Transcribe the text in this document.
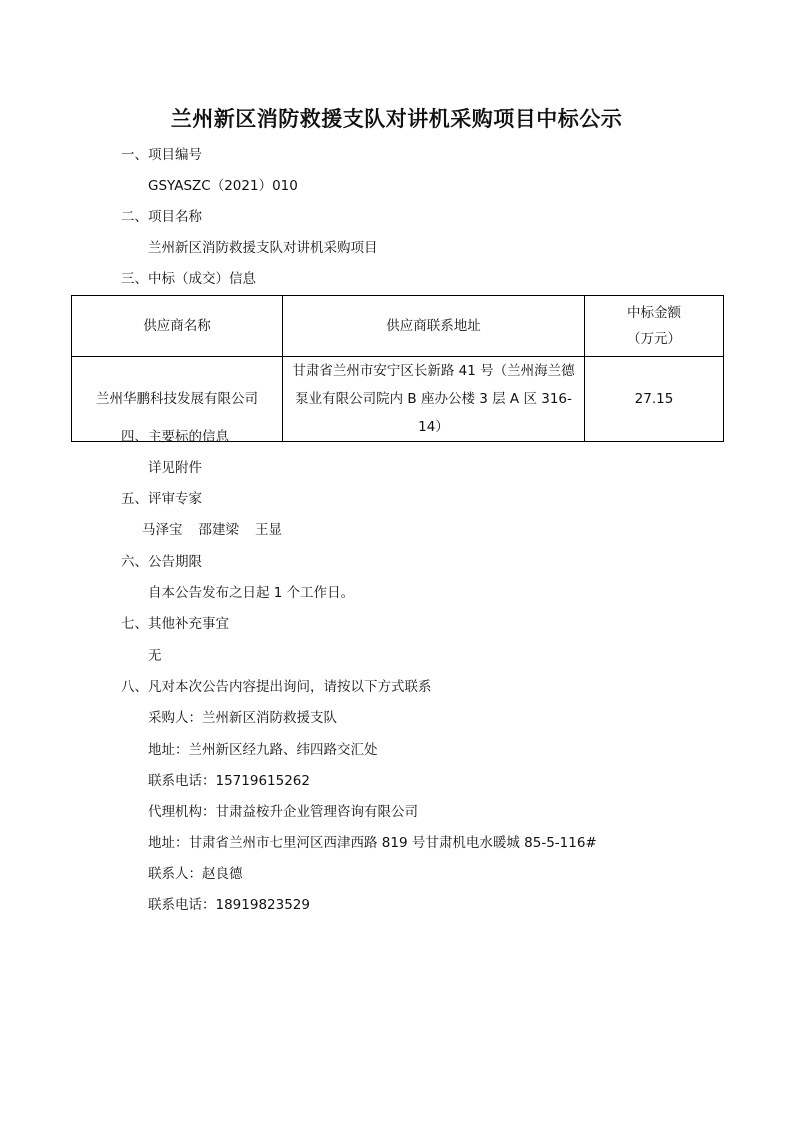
兰州新区消防救援支队对讲机采购项目中标公示
一、项目编号
GSYASZC（2021）010
二、项目名称
兰州新区消防救援支队对讲机采购项目
三、中标（成交）信息
供应商名称	供应商联系地址	中标金额
（万元）

兰州华鹏科技发展有限公司	甘肃省兰州市安宁区长新路 41 号（兰州海兰德
泵业有限公司院内 B 座办公楼 3 层 A 区 316-14）	27.15
四、主要标的信息
详见附件
五、评审专家
马泽宝 邵建梁 王显
六、公告期限
自本公告发布之日起 1 个工作日。
七、其他补充事宜
无
八、凡对本次公告内容提出询问，请按以下方式联系
采购人：兰州新区消防救援支队
地址：兰州新区经九路、纬四路交汇处
联系电话：15719615262
代理机构：甘肃益桉升企业管理咨询有限公司
地址：甘肃省兰州市七里河区西津西路 819 号甘肃机电水暖城 85-5-116#
联系人：赵良德
联系电话：18919823529
